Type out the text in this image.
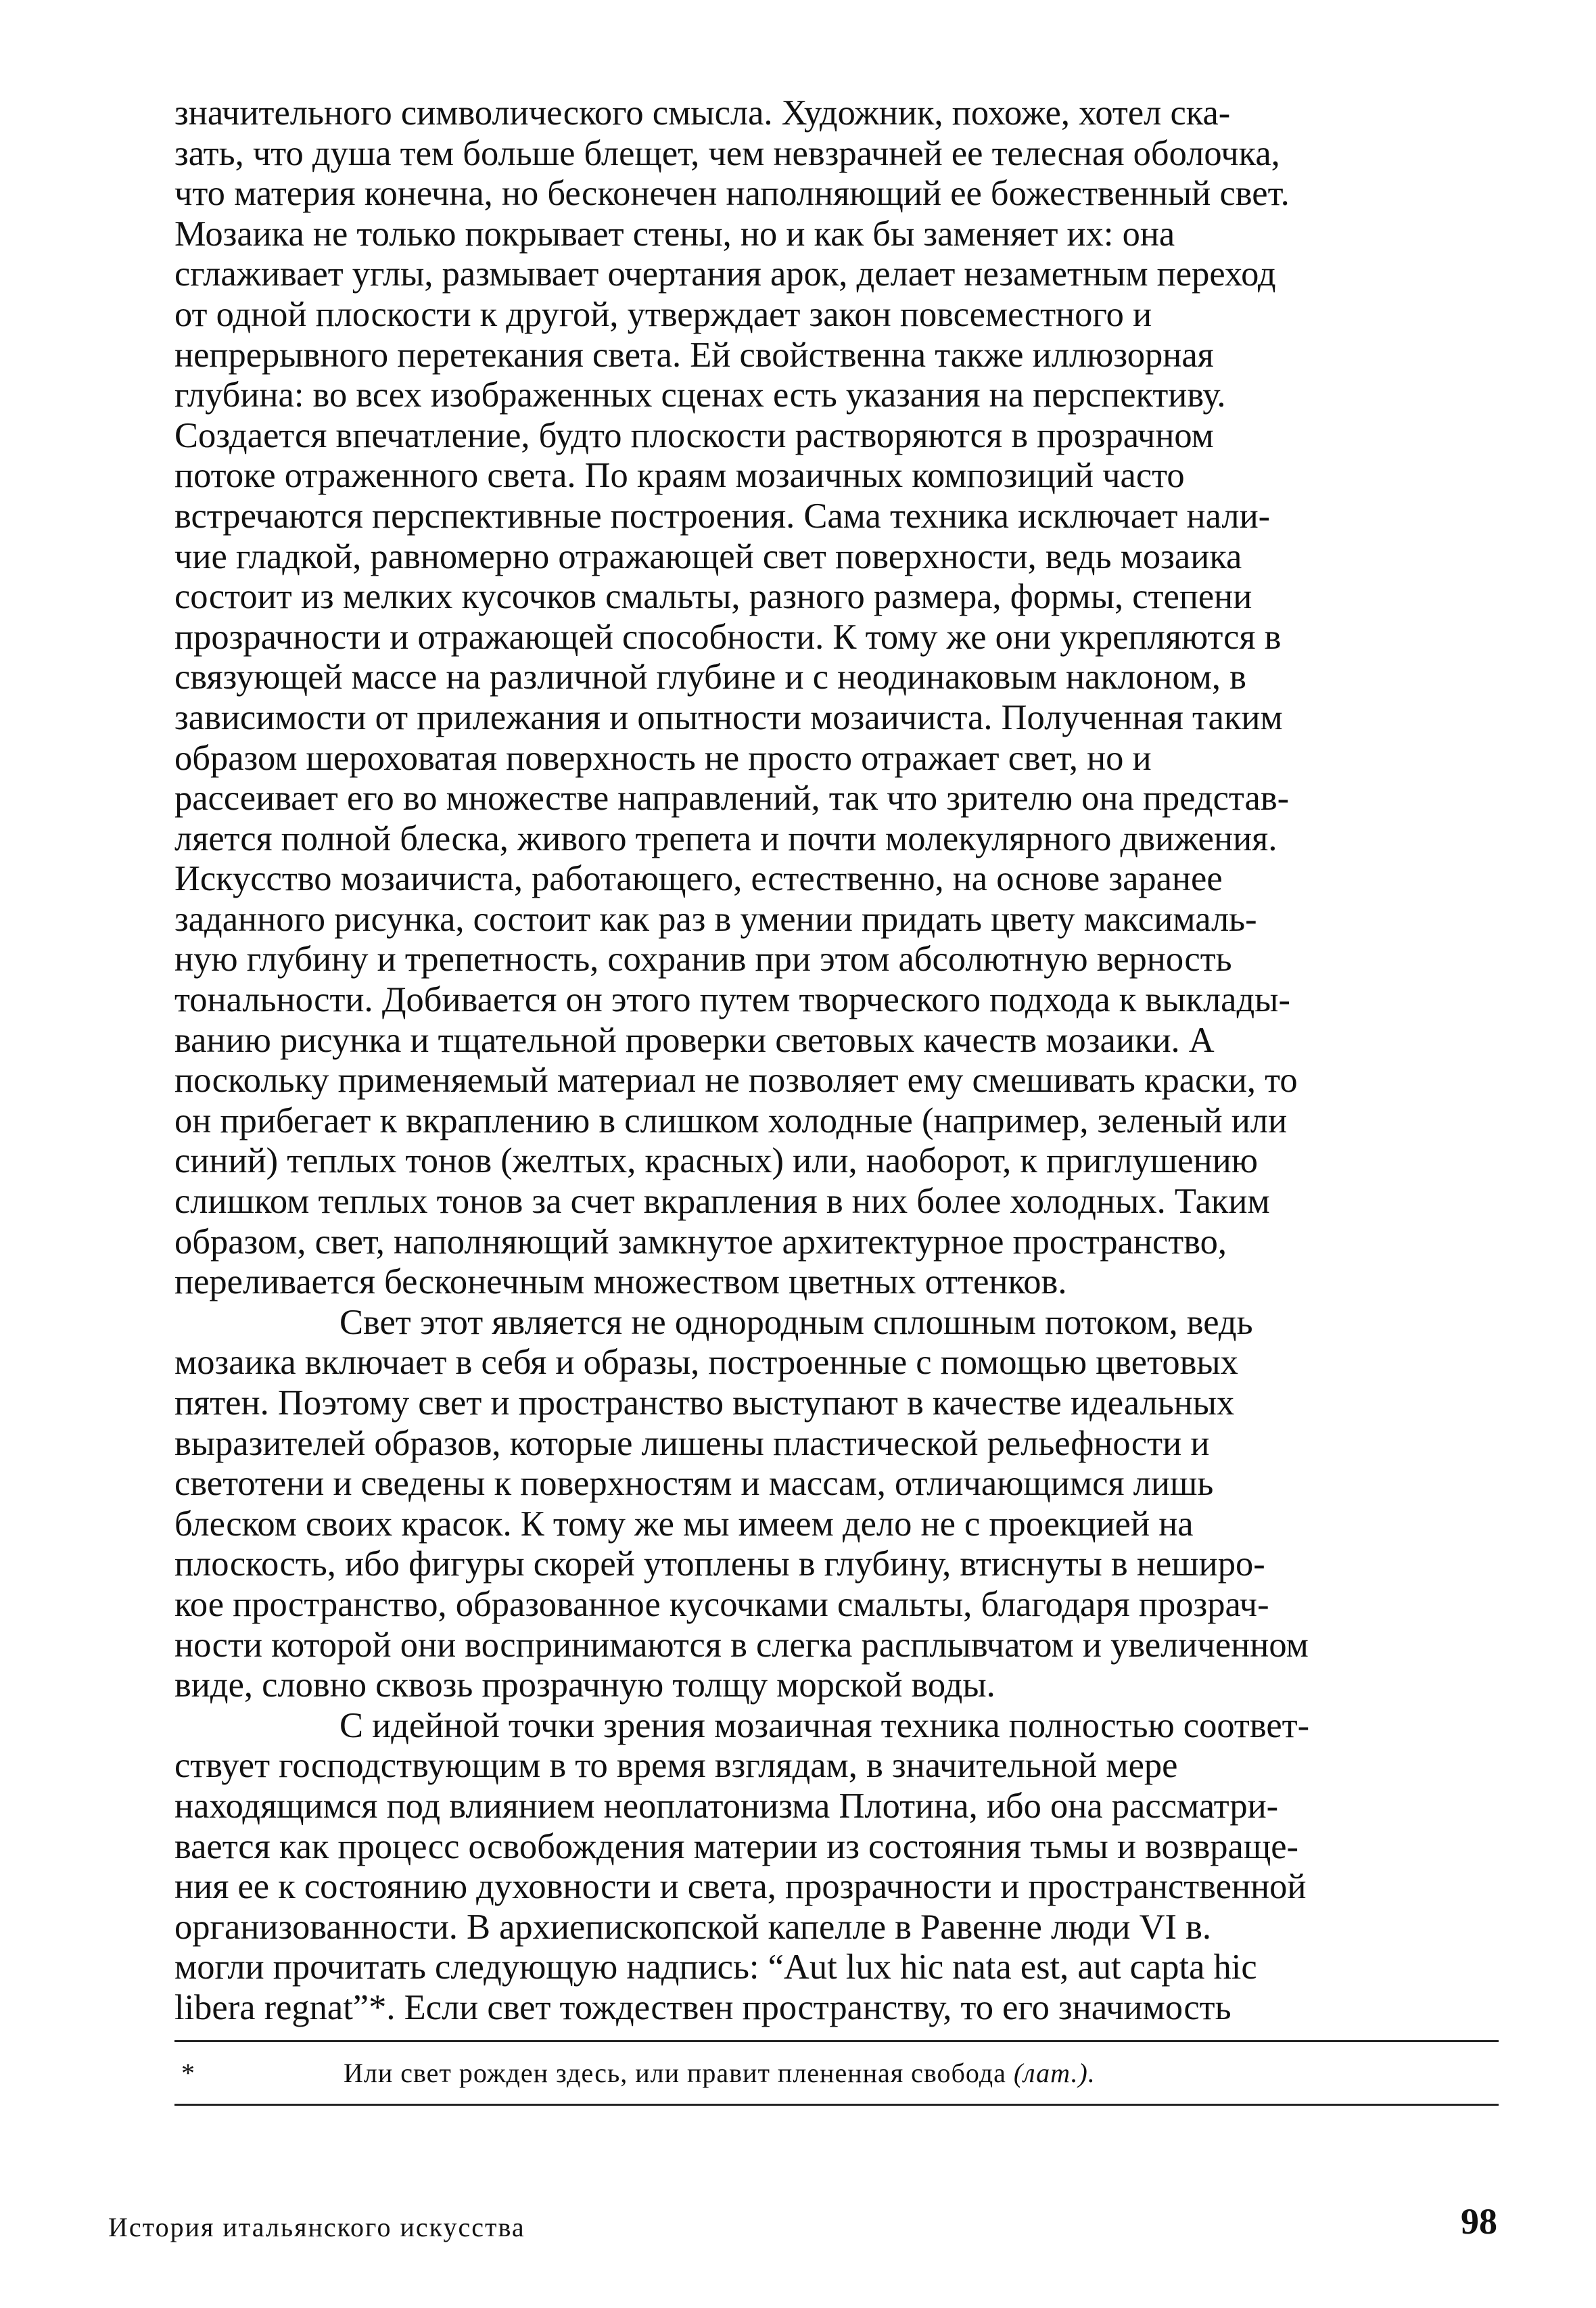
значительного символического смысла. Художник, похоже, хотел ска-
зать, что душа тем больше блещет, чем невзрачней ее телесная оболочка,
что материя конечна, но бесконечен наполняющий ее божественный свет.
Мозаика не только покрывает стены, но и как бы заменяет их: она
сглаживает углы, размывает очертания арок, делает незаметным переход
от одной плоскости к другой, утверждает закон повсеместного и
непрерывного перетекания света. Ей свойственна также иллюзорная
глубина: во всех изображенных сценах есть указания на перспективу.
Создается впечатление, будто плоскости растворяются в прозрачном
потоке отраженного света. По краям мозаичных композиций часто
встречаются перспективные построения. Сама техника исключает нали-
чие гладкой, равномерно отражающей свет поверхности, ведь мозаика
состоит из мелких кусочков смальты, разного размера, формы, степени
прозрачности и отражающей способности. К тому же они укрепляются в
связующей массе на различной глубине и с неодинаковым наклоном, в
зависимости от прилежания и опытности мозаичиста. Полученная таким
образом шероховатая поверхность не просто отражает свет, но и
рассеивает его во множестве направлений, так что зрителю она представ-
ляется полной блеска, живого трепета и почти молекулярного движения.
Искусство мозаичиста, работающего, естественно, на основе заранее
заданного рисунка, состоит как раз в умении придать цвету максималь-
ную глубину и трепетность, сохранив при этом абсолютную верность
тональности. Добивается он этого путем творческого подхода к выклады-
ванию рисунка и тщательной проверки световых качеств мозаики. А
поскольку применяемый материал не позволяет ему смешивать краски, то
он прибегает к вкраплению в слишком холодные (например, зеленый или
синий) теплых тонов (желтых, красных) или, наоборот, к приглушению
слишком теплых тонов за счет вкрапления в них более холодных. Таким
образом, свет, наполняющий замкнутое архитектурное пространство,
переливается бесконечным множеством цветных оттенков.
Свет этот является не однородным сплошным потоком, ведь
мозаика включает в себя и образы, построенные с помощью цветовых
пятен. Поэтому свет и пространство выступают в качестве идеальных
выразителей образов, которые лишены пластической рельефности и
светотени и сведены к поверхностям и массам, отличающимся лишь
блеском своих красок. К тому же мы имеем дело не с проекцией на
плоскость, ибо фигуры скорей утоплены в глубину, втиснуты в неширо-
кое пространство, образованное кусочками смальты, благодаря прозрач-
ности которой они воспринимаются в слегка расплывчатом и увеличенном
виде, словно сквозь прозрачную толщу морской воды.
С идейной точки зрения мозаичная техника полностью соответ-
ствует господствующим в то время взглядам, в значительной мере
находящимся под влиянием неоплатонизма Плотина, ибо она рассматри-
вается как процесс освобождения материи из состояния тьмы и возвраще-
ния ее к состоянию духовности и света, прозрачности и пространственной
организованности. В архиепископской капелле в Равенне люди VI в.
могли прочитать следующую надпись: “Aut lux hic nata est, aut capta hic
libera regnat”*. Если свет тождествен пространству, то его значимость
*	Или свет рожден здесь, или правит плененная свобода (лат.).
История итальянского искусства	98
